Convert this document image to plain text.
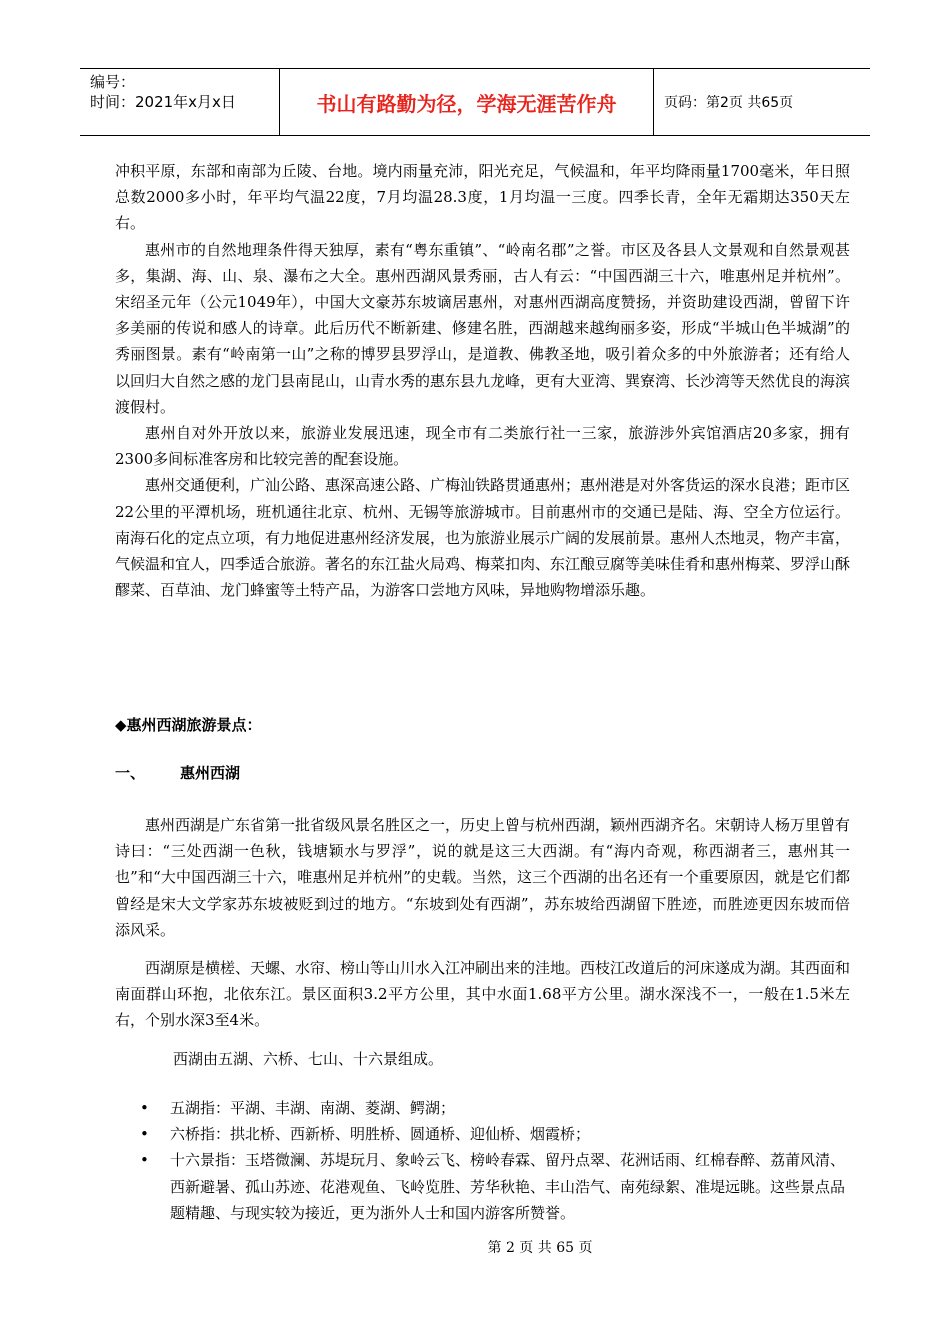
编号：
时间：2021年x月x日	书山有路勤为径，学海无涯苦作舟	页码：第2页 共65页

冲积平原，东部和南部为丘陵、台地。境内雨量充沛，阳光充足，气候温和，年平均降雨量1700毫米，年日照总数2000多小时，年平均气温22度，7月均温28.3度，1月均温一三度。四季长青，全年无霜期达350天左右。

惠州市的自然地理条件得天独厚，素有“粤东重镇”、“岭南名郡”之誉。市区及各县人文景观和自然景观甚多，集湖、海、山、泉、瀑布之大全。惠州西湖风景秀丽，古人有云：“中国西湖三十六，唯惠州足并杭州”。宋绍圣元年（公元1049年），中国大文豪苏东坡谪居惠州，对惠州西湖高度赞扬，并资助建设西湖，曾留下许多美丽的传说和感人的诗章。此后历代不断新建、修建名胜，西湖越来越绚丽多姿，形成“半城山色半城湖”的秀丽图景。素有“岭南第一山”之称的博罗县罗浮山，是道教、佛教圣地，吸引着众多的中外旅游者；还有给人以回归大自然之感的龙门县南昆山，山青水秀的惠东县九龙峰，更有大亚湾、巽寮湾、长沙湾等天然优良的海滨渡假村。

惠州自对外开放以来，旅游业发展迅速，现全市有二类旅行社一三家，旅游涉外宾馆酒店20多家，拥有2300多间标准客房和比较完善的配套设施。

惠州交通便利，广汕公路、惠深高速公路、广梅汕铁路贯通惠州；惠州港是对外客货运的深水良港；距市区22公里的平潭机场，班机通往北京、杭州、无锡等旅游城市。目前惠州市的交通已是陆、海、空全方位运行。南海石化的定点立项，有力地促进惠州经济发展，也为旅游业展示广阔的发展前景。惠州人杰地灵，物产丰富，气候温和宜人，四季适合旅游。著名的东江盐火局鸡、梅菜扣肉、东江酿豆腐等美味佳肴和惠州梅菜、罗浮山酥醪菜、百草油、龙门蜂蜜等土特产品，为游客口尝地方风味，异地购物增添乐趣。

◆惠州西湖旅游景点：
一、 惠州西湖

惠州西湖是广东省第一批省级风景名胜区之一，历史上曾与杭州西湖，颖州西湖齐名。宋朝诗人杨万里曾有诗曰：“三处西湖一色秋，钱塘颖水与罗浮”，说的就是这三大西湖。有“海内奇观，称西湖者三，惠州其一也”和“大中国西湖三十六，唯惠州足并杭州”的史载。当然，这三个西湖的出名还有一个重要原因，就是它们都曾经是宋大文学家苏东坡被贬到过的地方。“东坡到处有西湖”，苏东坡给西湖留下胜迹，而胜迹更因东坡而倍添风采。

西湖原是横槎、天螺、水帘、榜山等山川水入江冲刷出来的洼地。西枝江改道后的河床遂成为湖。其西面和南面群山环抱，北依东江。景区面积3.2平方公里，其中水面1.68平方公里。湖水深浅不一，一般在1.5米左右，个别水深3至4米。

西湖由五湖、六桥、七山、十六景组成。

•	五湖指：平湖、丰湖、南湖、菱湖、鳄湖；
•	六桥指：拱北桥、西新桥、明胜桥、圆通桥、迎仙桥、烟霞桥；
•	十六景指：玉塔微澜、苏堤玩月、象岭云飞、榜岭春霖、留丹点翠、花洲话雨、红棉春醉、荔莆风清、西新避暑、孤山苏迹、花港观鱼、飞岭览胜、芳华秋艳、丰山浩气、南苑绿絮、准堤远眺。这些景点品题精趣、与现实较为接近，更为浙外人士和国内游客所赞誉。
第 2 页 共 65 页
